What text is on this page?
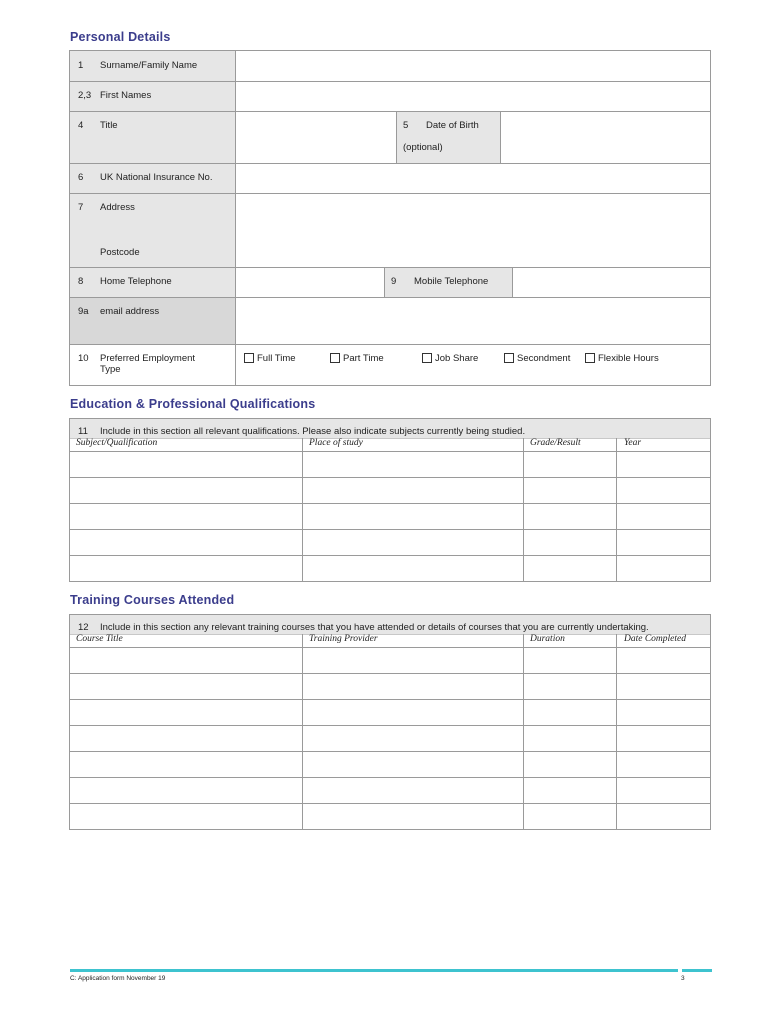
Personal Details
1 Surname/Family Name
2,3 First Names
4 Title	5 Date of Birth
(optional)
6 UK National Insurance No.
7 Address
Postcode
8 Home Telephone	9 Mobile Telephone
9a email address
10 Preferred Employment
Type
Full Time	Part Time	Job Share	Secondment	Flexible Hours
Education & Professional Qualifications
11 Include in this section all relevant qualifications. Please also indicate subjects currently being studied.
Subject/Qualification	Place of study	Grade/Result	Year
Training Courses Attended
12 Include in this section any relevant training courses that you have attended or details of courses that you are currently undertaking.
Course Title	Training Provider	Duration	Date Completed
C: Application form November 19	3
